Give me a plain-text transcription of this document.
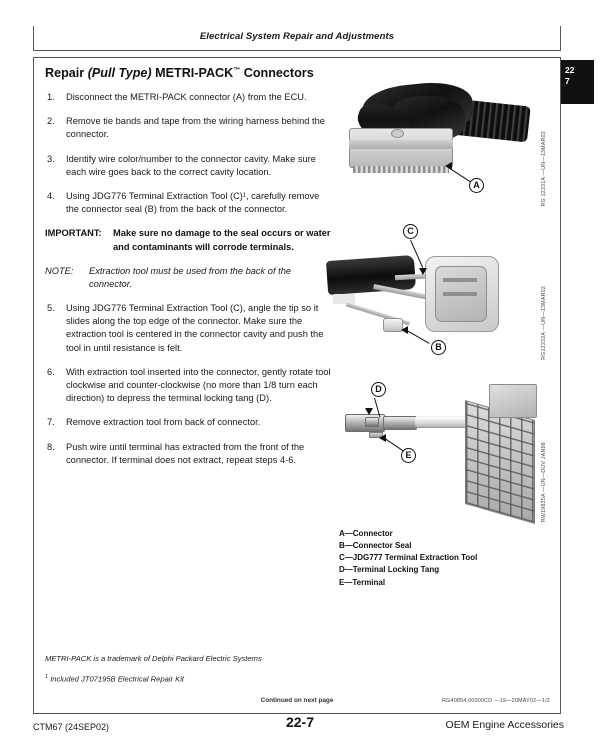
Electrical System Repair and Adjustments
22
7
Repair (Pull Type) METRI-PACK™ Connectors
1.	Disconnect the METRI-PACK connector (A) from the ECU.
2.	Remove tie bands and tape from the wiring harness behind the connector.
3.	Identify wire color/number to the connector cavity. Make sure each wire goes back to the correct cavity location.
4.	Using JDG776 Terminal Extraction Tool (C)¹, carefully remove the connector seal (B) from the back of the connector.
IMPORTANT: Make sure no damage to the seal occurs or water and contaminants will corrode terminals.
NOTE: Extraction tool must be used from the back of the connector.
5.	Using JDG776 Terminal Extraction Tool (C), angle the tip so it slides along the top edge of the connector. Make sure the extraction tool is centered in the connector cavity and push the tool in until resistance is felt.
6.	With extraction tool inserted into the connector, gently rotate tool clockwise and counter-clockwise (no more than 1/8 turn each direction) to depress the terminal locking tang (D).
7.	Remove extraction tool from back of connector.
8.	Push wire until terminal has extracted from the front of the connector. If terminal does not extract, repeat steps 4-6.
A	RG 12231A —UN—13MAR02
C
B	RG12232A —UN—13MAR02
D
E	RW19835A —UN—DUV JAN98
A—Connector
B—Connector Seal
C—JDG777 Terminal Extraction Tool
D—Terminal Locking Tang
E—Terminal
METRI-PACK is a trademark of Delphi Packard Electric Systems
$^1$ Included JT07195B Electrical Repair Kit
Continued on next page	RG40854,00000CD —19—20MAY02—1/2
CTM67 (24SEP02)	22-7	OEM Engine Accessories
